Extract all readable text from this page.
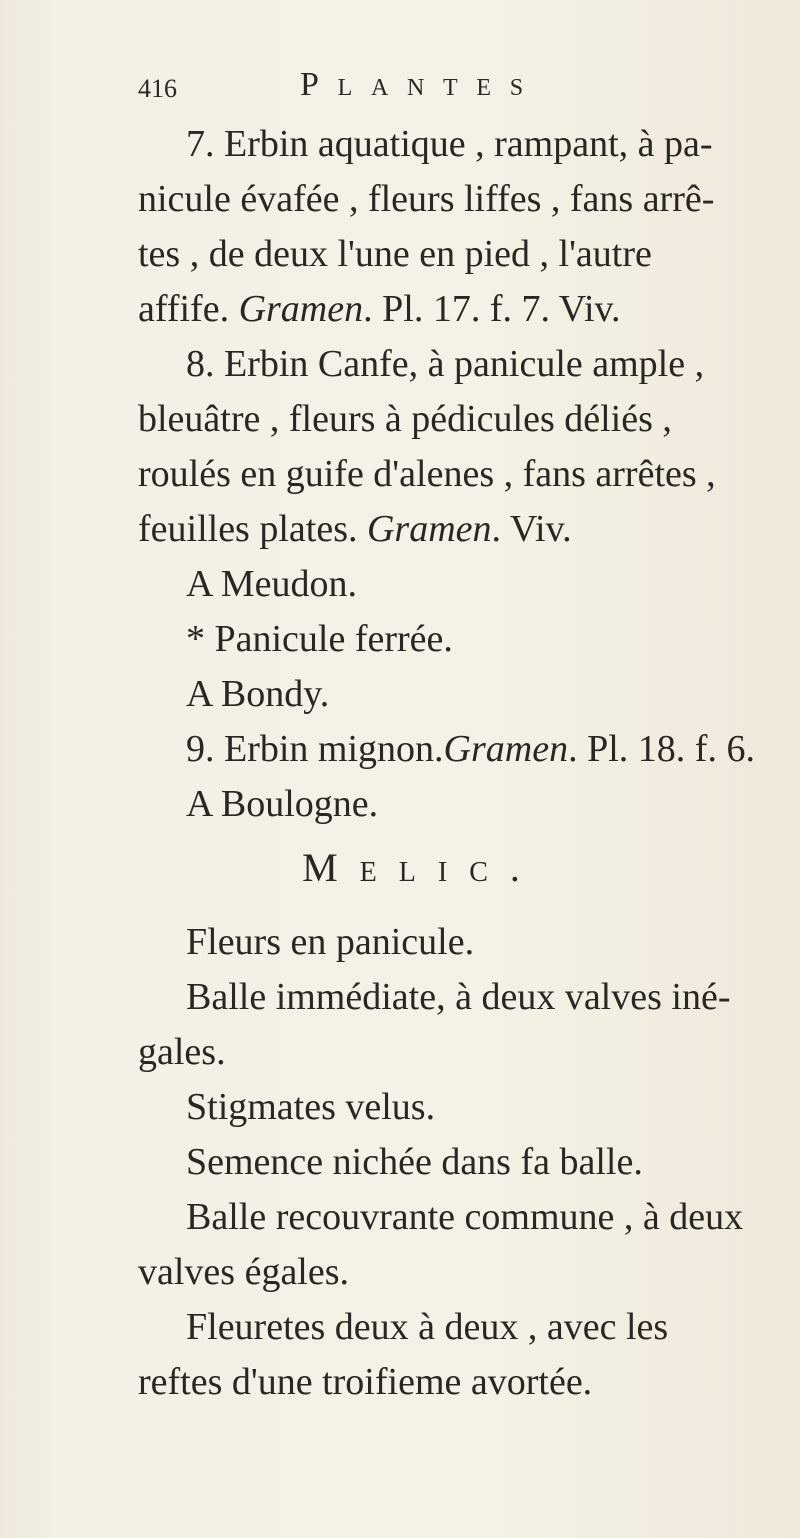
416	Plantes
7. Erbin aquatique , rampant, à pa-
nicule évafée , fleurs liffes , fans arrê-
tes , de deux l'une en pied , l'autre
affife. Gramen. Pl. 17. f. 7. Viv.
8. Erbin Canfe, à panicule ample ,
bleuâtre , fleurs à pédicules déliés ,
roulés en guife d'alenes , fans arrêtes ,
feuilles plates. Gramen. Viv.
A Meudon.
* Panicule ferrée.
A Bondy.
9. Erbin mignon.Gramen. Pl. 18. f. 6.
A Boulogne.
Melic.
Fleurs en panicule.
Balle immédiate, à deux valves iné-
gales.
Stigmates velus.
Semence nichée dans fa balle.
Balle recouvrante commune , à deux
valves égales.
Fleuretes deux à deux , avec les
reftes d'une troifieme avortée.
